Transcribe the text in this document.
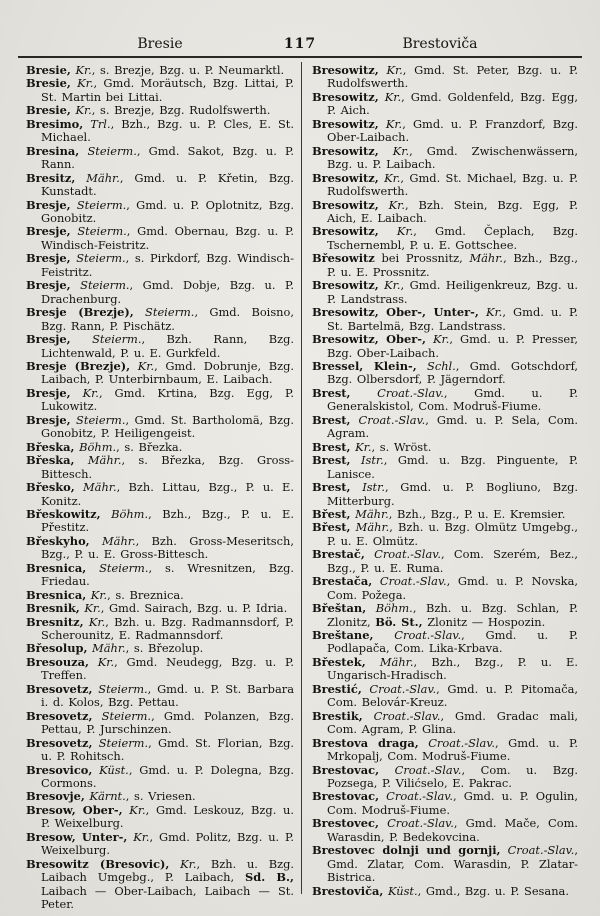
Bresie	117	Brestoviča

Bresie, Kr., s. Brezje, Bzg. u. P. Neumarktl.

Bresie, Kr., Gmd. Moräutsch, Bzg. Littai, P. St. Martin bei Littai.

Bresie, Kr., s. Brezje, Bzg. Rudolfswerth.

Bresimo, Trl., Bzh., Bzg. u. P. Cles, E. St. Michael.

Bresina, Steierm., Gmd. Sakot, Bzg. u. P. Rann.

Bresitz, Mähr., Gmd. u. P. Křetin, Bzg. Kunstadt.

Bresje, Steierm., Gmd. u. P. Oplotnitz, Bzg. Gonobitz.

Bresje, Steierm., Gmd. Obernau, Bzg. u. P. Windisch-Feistritz.

Bresje, Steierm., s. Pirkdorf, Bzg. Windisch-Feistritz.

Bresje, Steierm., Gmd. Dobje, Bzg. u. P. Drachenburg.

Bresje (Brezje), Steierm., Gmd. Boisno, Bzg. Rann, P. Pischätz.

Bresje, Steierm., Bzh. Rann, Bzg. Lichtenwald, P. u. E. Gurkfeld.

Bresje (Brezje), Kr., Gmd. Dobrunje, Bzg. Laibach, P. Unterbirnbaum, E. Laibach.

Bresje, Kr., Gmd. Krtina, Bzg. Egg, P. Lukowitz.

Bresje, Steierm., Gmd. St. Bartholomä, Bzg. Gonobitz, P. Heiligengeist.

Břeska, Böhm., s. Březka.

Břeska, Mähr., s. Březka, Bzg. Gross-Bittesch.

Břesko, Mähr., Bzh. Littau, Bzg., P. u. E. Konitz.

Břeskowitz, Böhm., Bzh., Bzg., P. u. E. Přestitz.

Břeskyho, Mähr., Bzh. Gross-Meseritsch, Bzg., P. u. E. Gross-Bittesch.

Bresnica, Steierm., s. Wresnitzen, Bzg. Friedau.

Bresnica, Kr., s. Breznica.

Bresnik, Kr., Gmd. Sairach, Bzg. u. P. Idria.

Bresnitz, Kr., Bzh. u. Bzg. Radmannsdorf, P. Scherounitz, E. Radmannsdorf.

Břesolup, Mähr., s. Březolup.

Bresouza, Kr., Gmd. Neudegg, Bzg. u. P. Treffen.

Bresovetz, Steierm., Gmd. u. P. St. Barbara i. d. Kolos, Bzg. Pettau.

Bresovetz, Steierm., Gmd. Polanzen, Bzg. Pettau, P. Jurschinzen.

Bresovetz, Steierm., Gmd. St. Florian, Bzg. u. P. Rohitsch.

Bresovico, Küst., Gmd. u. P. Dolegna, Bzg. Cormons.

Bresovje, Kärnt., s. Vriesen.

Bresow, Ober-, Kr., Gmd. Leskouz, Bzg. u. P. Weixelburg.

Bresow, Unter-, Kr., Gmd. Politz, Bzg. u. P. Weixelburg.

Bresowitz (Bresovic), Kr., Bzh. u. Bzg. Laibach Umgebg., P. Laibach, Sd. B., Laibach — Ober-Laibach, Laibach — St. Peter.

Bresowitz, Kr., Gmd. St. Peter, Bzg. u. P. Rudolfswerth.

Bresowitz, Kr., Gmd. Goldenfeld, Bzg. Egg, P. Aich.

Bresowitz, Kr., Gmd. u. P. Franzdorf, Bzg. Ober-Laibach.

Bresowitz, Kr., Gmd. Zwischenwässern, Bzg. u. P. Laibach.

Bresowitz, Kr., Gmd. St. Michael, Bzg. u. P. Rudolfswerth.

Bresowitz, Kr., Bzh. Stein, Bzg. Egg, P. Aich, E. Laibach.

Bresowitz, Kr., Gmd. Čeplach, Bzg. Tschernembl, P. u. E. Gottschee.

Břesowitz bei Prossnitz, Mähr., Bzh., Bzg., P. u. E. Prossnitz.

Bresowitz, Kr., Gmd. Heiligenkreuz, Bzg. u. P. Landstrass.

Bresowitz, Ober-, Unter-, Kr., Gmd. u. P. St. Bartelmä, Bzg. Landstrass.

Bresowitz, Ober-, Kr., Gmd. u. P. Presser, Bzg. Ober-Laibach.

Bressel, Klein-, Schl., Gmd. Gotschdorf, Bzg. Olbersdorf, P. Jägerndorf.

Brest, Croat.-Slav., Gmd. u. P. Generalskistol, Com. Modruš-Fiume.

Brest, Croat.-Slav., Gmd. u. P. Sela, Com. Agram.

Brest, Kr., s. Wröst.

Brest, Istr., Gmd. u. Bzg. Pinguente, P. Lanisce.

Brest, Istr., Gmd. u. P. Bogliuno, Bzg. Mitterburg.

Břest, Mähr., Bzh., Bzg., P. u. E. Kremsier.

Břest, Mähr., Bzh. u. Bzg. Olmütz Umgebg., P. u. E. Olmütz.

Brestač, Croat.-Slav., Com. Szerém, Bez., Bzg., P. u. E. Ruma.

Brestača, Croat.-Slav., Gmd. u. P. Novska, Com. Požega.

Břeštan, Böhm., Bzh. u. Bzg. Schlan, P. Zlonitz, Bö. St., Zlonitz — Hospozin.

Breštane, Croat.-Slav., Gmd. u. P. Podlapača, Com. Lika-Krbava.

Břestek, Mähr., Bzh., Bzg., P. u. E. Ungarisch-Hradisch.

Brestić, Croat.-Slav., Gmd. u. P. Pitomača, Com. Belovár-Kreuz.

Brestik, Croat.-Slav., Gmd. Gradac mali, Com. Agram, P. Glina.

Brestova draga, Croat.-Slav., Gmd. u. P. Mrkopalj, Com. Modruš-Fiume.

Brestovac, Croat.-Slav., Com. u. Bzg. Pozsega, P. Vilićselo, E. Pakrac.

Brestovac, Croat.-Slav., Gmd. u. P. Ogulin, Com. Modruš-Fiume.

Brestovec, Croat.-Slav., Gmd. Mače, Com. Warasdin, P. Bedekovcina.

Brestovec dolnji und gornji, Croat.-Slav., Gmd. Zlatar, Com. Warasdin, P. Zlatar-Bistrica.

Brestoviča, Küst., Gmd., Bzg. u. P. Sesana.
